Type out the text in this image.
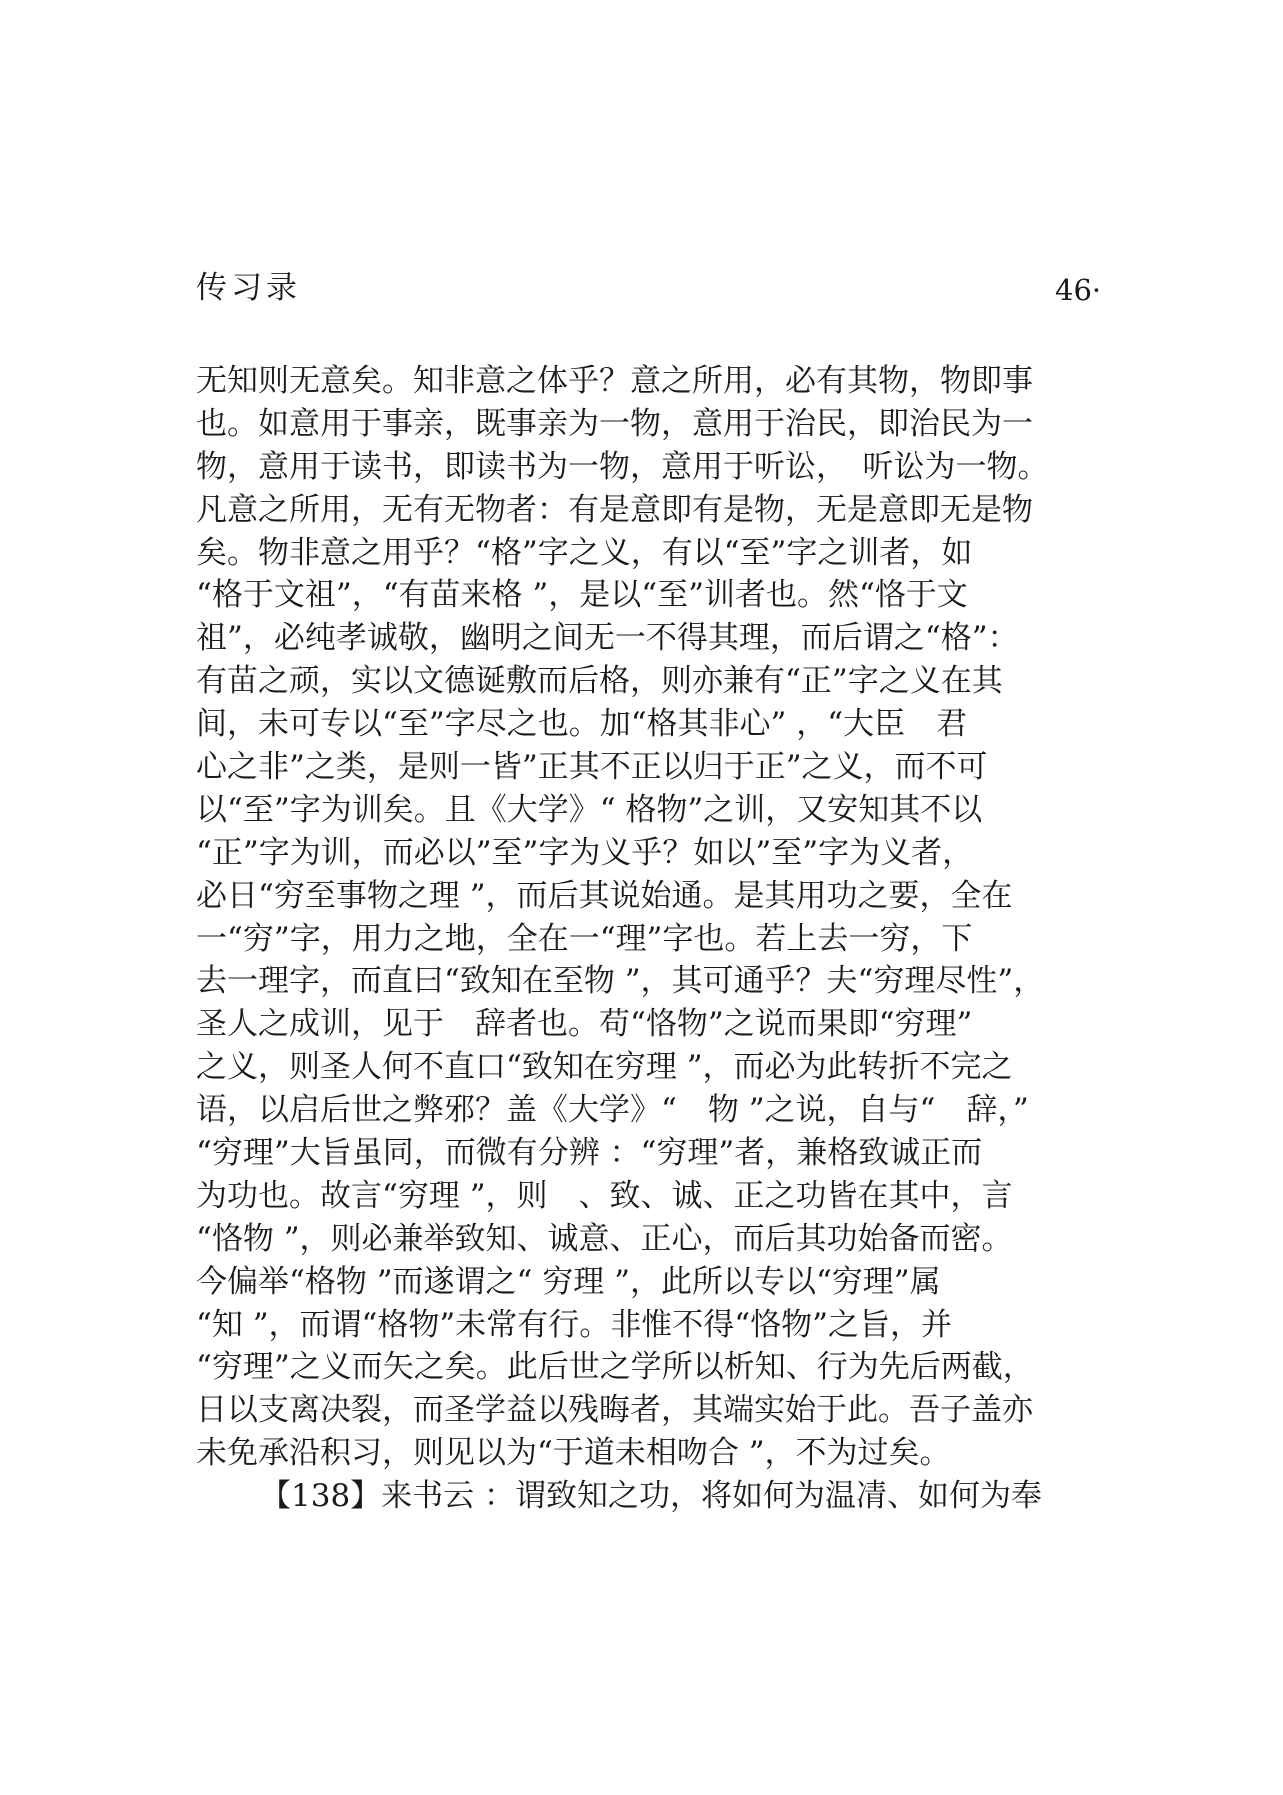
传习录	46·
无知则无意矣。知非意之体乎？意之所用，必有其物，物即事
也。如意用于事亲，既事亲为一物，意用于治民，即治民为一
物，意用于读书，即读书为一物，意用于听讼，　听讼为一物。
凡意之所用，无有无物者：有是意即有是物，无是意即无是物
矣。物非意之用乎？“格”字之义，有以“至”字之训者，如
“格于文祖”，“有苗来格 ”，是以“至”训者也。然“恪于文
祖”，必纯孝诚敬，幽明之间无一不得其理，而后谓之“格”：
有苗之顽，实以文德诞敷而后格，则亦兼有“正”字之义在其
间，未可专以“至”字尽之也。加“格其非心” ，“大臣　君
心之非”之类，是则一皆”正其不正以归于正”之义，而不可
以“至”字为训矣。且《大学》“ 格物”之训，又安知其不以
“正”字为训，而必以”至”字为义乎？如以”至”字为义者，
必日“穷至事物之理 ”，而后其说始通。是其用功之要，全在
一“穷”字，用力之地，全在一“理”字也。若上去一穷，下
去一理字，而直曰“致知在至物 ”，其可通乎？夫“穷理尽性”，
圣人之成训，见于　辞者也。苟“恪物”之说而果即“穷理”
之义，则圣人何不直口“致知在穷理 ”，而必为此转折不完之
语，以启后世之弊邪？盖《大学》“　物 ”之说，自与“　辞，”
“穷理”大旨虽同，而微有分辨 ：“穷理”者，兼格致诚正而
为功也。故言“穷理 ”，则　、致、诚、正之功皆在其中，言
“恪物 ”，则必兼举致知、诚意、正心，而后其功始备而密。
今偏举“格物 ”而遂谓之“ 穷理 ”，此所以专以“穷理”属
“知 ”，而谓“格物”未常有行。非惟不得“恪物”之旨，并
“穷理”之义而矢之矣。此后世之学所以析知、行为先后两截，
日以支离决裂，而圣学益以残晦者，其端实始于此。吾子盖亦
未免承沿积习，则见以为“于道未相吻合 ”，不为过矣。
【138】来书云 ：谓致知之功，将如何为温凊、如何为奉
